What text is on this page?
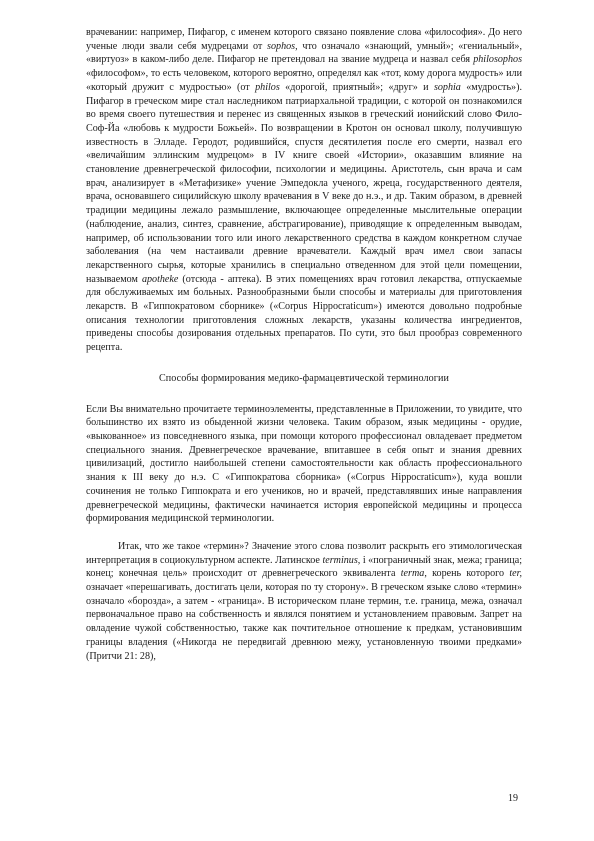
врачевании: например, Пифагор, с именем которого связано появление слова «философия». До него ученые люди звали себя мудрецами от sophos, что означало «знающий, умный»; «гениальный», «виртуоз» в каком-либо деле. Пифагор не претендовал на звание мудреца и назвал себя philosophos «философом», то есть человеком, которого вероятно, определял как «тот, кому дорога мудрость» или «который дружит с мудростью» (от philos «дорогой, приятный»; «друг» и sophia «мудрость»). Пифагор в греческом мире стал наследником патриархальной традиции, с которой он познакомился во время своего путешествия и перенес из священных языков в греческий ионийский слово Фило-Соф-Йа «любовь к мудрости Божьей». По возвращении в Кротон он основал школу, получившую известность в Элладе. Геродот, родившийся, спустя десятилетия после его смерти, назвал его «величайшим эллинским мудрецом» в IV книге своей «Истории», оказавшим влияние на становление древнегреческой философии, психологии и медицины. Аристотель, сын врача и сам врач, анализирует в «Метафизике» учение Эмпедокла ученого, жреца, государственного деятеля, врача, основавшего сицилийскую школу врачевания в V веке до н.э., и др. Таким образом, в древней традиции медицины лежало размышление, включающее определенные мыслительные операции (наблюдение, анализ, синтез, сравнение, абстрагирование), приводящие к определенным выводам, например, об использовании того или иного лекарственного средства в каждом конкретном случае заболевания (на чем настаивали древние врачеватели. Каждый врач имел свои запасы лекарственного сырья, которые хранились в специально отведенном для этой цели помещении, называемом apotheke (отсюда - аптека). В этих помещениях врач готовил лекарства, отпускаемые для обслуживаемых им больных. Разнообразными были способы и материалы для приготовления лекарств. В «Гиппократовом сборнике» («Corpus Hippocraticum») имеются довольно подробные описания технологии приготовления сложных лекарств, указаны количества ингредиентов, приведены способы дозирования отдельных препаратов. По сути, это был прообраз современного рецепта.

Способы формирования медико-фармацевтической терминологии

Если Вы внимательно прочитаете терминоэлементы, представленные в Приложении, то увидите, что большинство их взято из обыденной жизни человека. Таким образом, язык медицины - орудие, «выкованное» из повседневного языка, при помощи которого профессионал овладевает предметом специального знания. Древнегреческое врачевание, впитавшее в себя опыт и знания древних цивилизаций, достигло наибольшей степени самостоятельности как область профессионального знания к III веку до н.э. С «Гиппократова сборника» («Corpus Hippocraticum»), куда вошли сочинения не только Гиппократа и его учеников, но и врачей, представлявших иные направления древнегреческой медицины, фактически начинается история европейской медицины и процесса формирования медицинской терминологии.

Итак, что же такое «термин»? Значение этого слова позволит раскрыть его этимологическая интерпретация в социокультурном аспекте. Латинское terminus, i «пограничный знак, межа; граница; конец; конечная цель» происходит от древнегреческого эквивалента terma, корень которого ter, означает «перешагивать, достигать цели, которая по ту сторону». В греческом языке слово «термин» означало «борозда», а затем - «граница». В историческом плане термин, т.е. граница, межа, означал первоначальное право на собственность и являлся понятием и установлением правовым. Запрет на овладение чужой собственностью, также как почтительное отношение к предкам, установившим границы владения («Никогда не передвигай древнюю межу, установленную твоими предками» (Притчи 21: 28),

19
